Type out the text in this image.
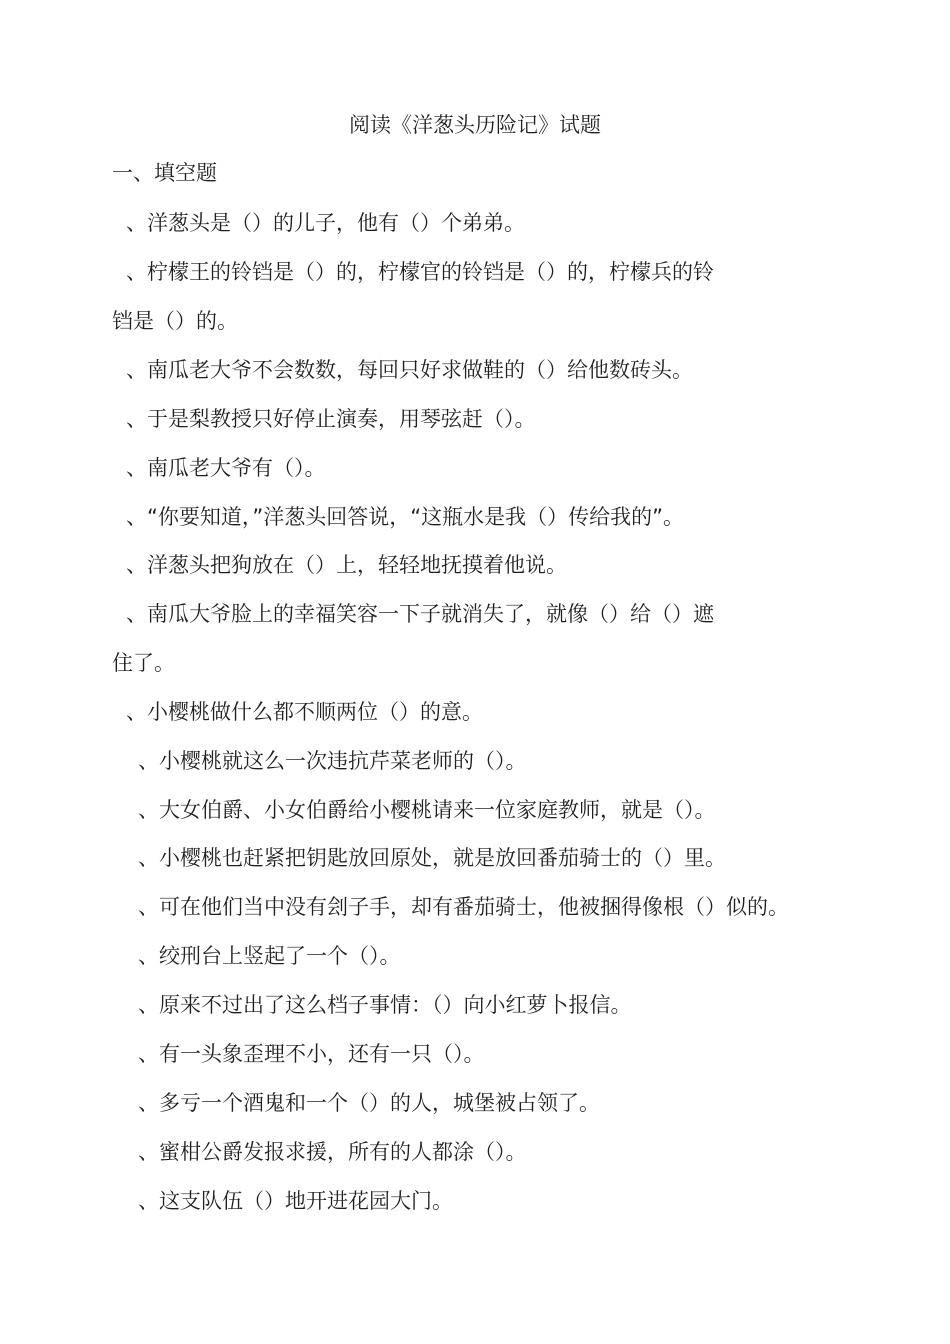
阅读《洋葱头历险记》试题
一、填空题
、洋葱头是（）的儿子，他有（）个弟弟。
、柠檬王的铃铛是（）的，柠檬官的铃铛是（）的，柠檬兵的铃
铛是（）的。
、南瓜老大爷不会数数，每回只好求做鞋的（）给他数砖头。
、于是梨教授只好停止演奏，用琴弦赶（）。
、南瓜老大爷有（）。
、“你要知道，”洋葱头回答说，“这瓶水是我（）传给我的”。
、洋葱头把狗放在（）上，轻轻地抚摸着他说。
、南瓜大爷脸上的幸福笑容一下子就消失了，就像（）给（）遮
住了。
、小樱桃做什么都不顺两位（）的意。
、小樱桃就这么一次违抗芹菜老师的（）。
、大女伯爵、小女伯爵给小樱桃请来一位家庭教师，就是（）。
、小樱桃也赶紧把钥匙放回原处，就是放回番茄骑士的（）里。
、可在他们当中没有刽子手，却有番茄骑士，他被捆得像根（）似的。
、绞刑台上竖起了一个（）。
、原来不过出了这么档子事情：（）向小红萝卜报信。
、有一头象歪理不小，还有一只（）。
、多亏一个酒鬼和一个（）的人，城堡被占领了。
、蜜柑公爵发报求援，所有的人都涂（）。
、这支队伍（）地开进花园大门。
